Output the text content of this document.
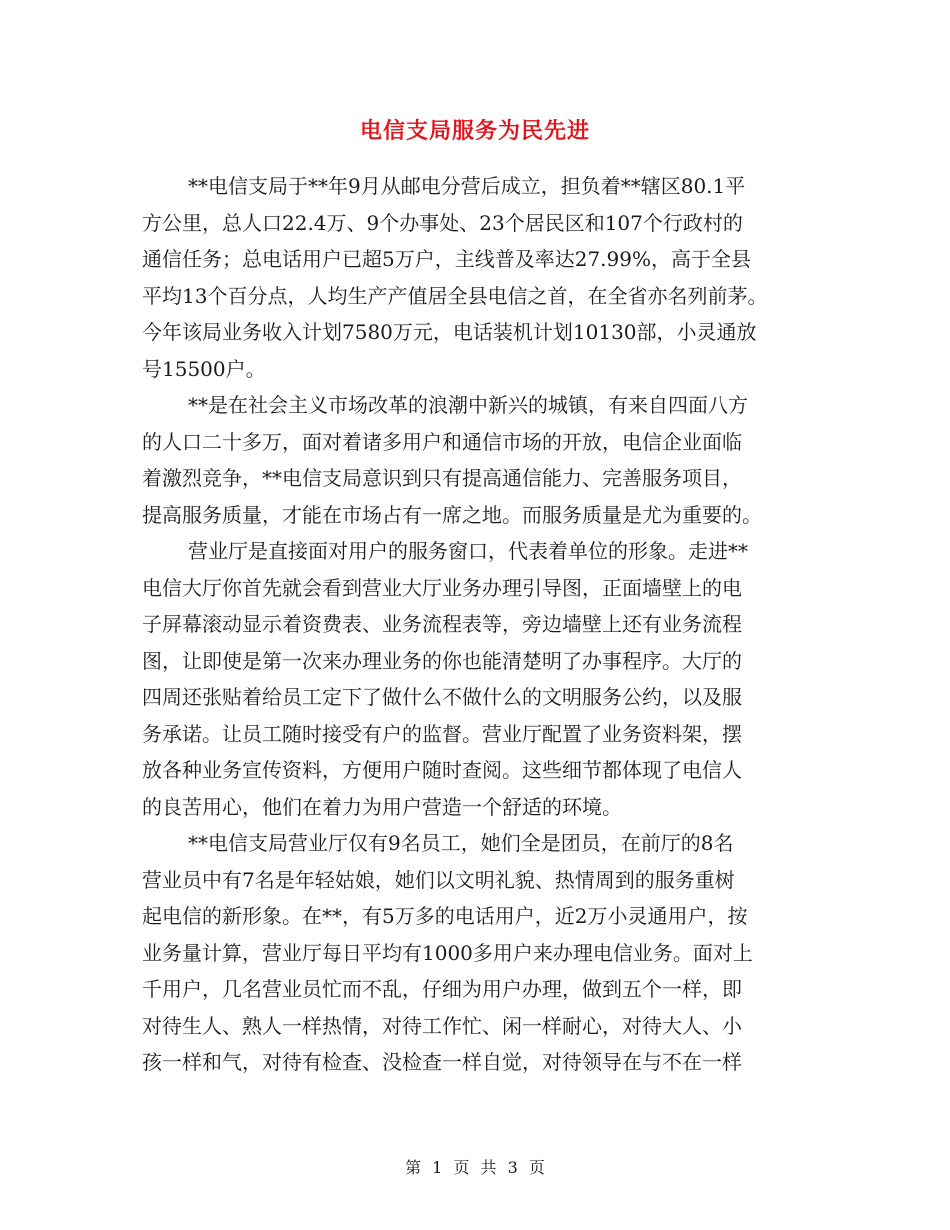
电信支局服务为民先进
**电信支局于**年9月从邮电分营后成立，担负着**辖区80.1平
方公里，总人口22.4万、9个办事处、23个居民区和107个行政村的
通信任务；总电话用户已超5万户，主线普及率达27.99%，高于全县
平均13个百分点，人均生产产值居全县电信之首，在全省亦名列前茅。
今年该局业务收入计划7580万元，电话装机计划10130部，小灵通放
号15500户。
**是在社会主义市场改革的浪潮中新兴的城镇，有来自四面八方
的人口二十多万，面对着诸多用户和通信市场的开放，电信企业面临
着激烈竞争，**电信支局意识到只有提高通信能力、完善服务项目，
提高服务质量，才能在市场占有一席之地。而服务质量是尤为重要的。
营业厅是直接面对用户的服务窗口，代表着单位的形象。走进**
电信大厅你首先就会看到营业大厅业务办理引导图，正面墙壁上的电
子屏幕滚动显示着资费表、业务流程表等，旁边墙壁上还有业务流程
图，让即使是第一次来办理业务的你也能清楚明了办事程序。大厅的
四周还张贴着给员工定下了做什么不做什么的文明服务公约，以及服
务承诺。让员工随时接受有户的监督。营业厅配置了业务资料架，摆
放各种业务宣传资料，方便用户随时查阅。这些细节都体现了电信人
的良苦用心，他们在着力为用户营造一个舒适的环境。
**电信支局营业厅仅有9名员工，她们全是团员，在前厅的8名
营业员中有7名是年轻姑娘，她们以文明礼貌、热情周到的服务重树
起电信的新形象。在**，有5万多的电话用户，近2万小灵通用户，按
业务量计算，营业厅每日平均有1000多用户来办理电信业务。面对上
千用户，几名营业员忙而不乱，仔细为用户办理，做到五个一样，即
对待生人、熟人一样热情，对待工作忙、闲一样耐心，对待大人、小
孩一样和气，对待有检查、没检查一样自觉，对待领导在与不在一样
第 1 页 共 3 页
